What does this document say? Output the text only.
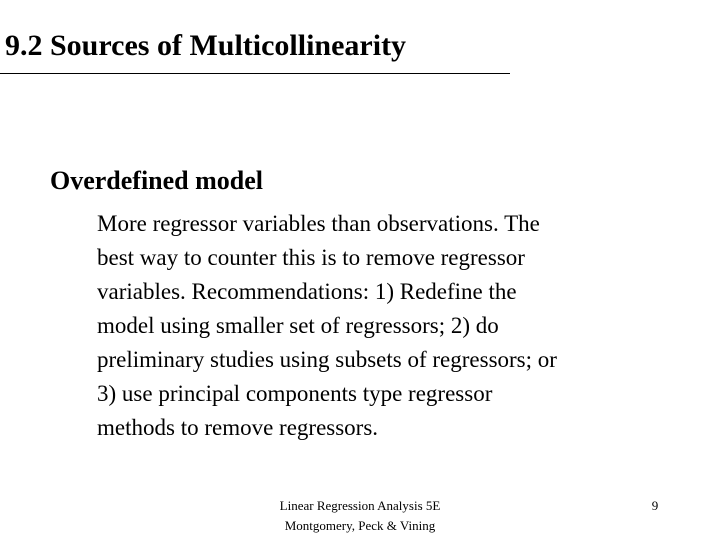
9.2 Sources of Multicollinearity
Overdefined model

More regressor variables than observations. The
best way to counter this is to remove regressor
variables. Recommendations: 1) Redefine the
model using smaller set of regressors; 2) do
preliminary studies using subsets of regressors; or
3) use principal components type regressor
methods to remove regressors.

Linear Regression Analysis 5E
Montgomery, Peck & Vining
9
